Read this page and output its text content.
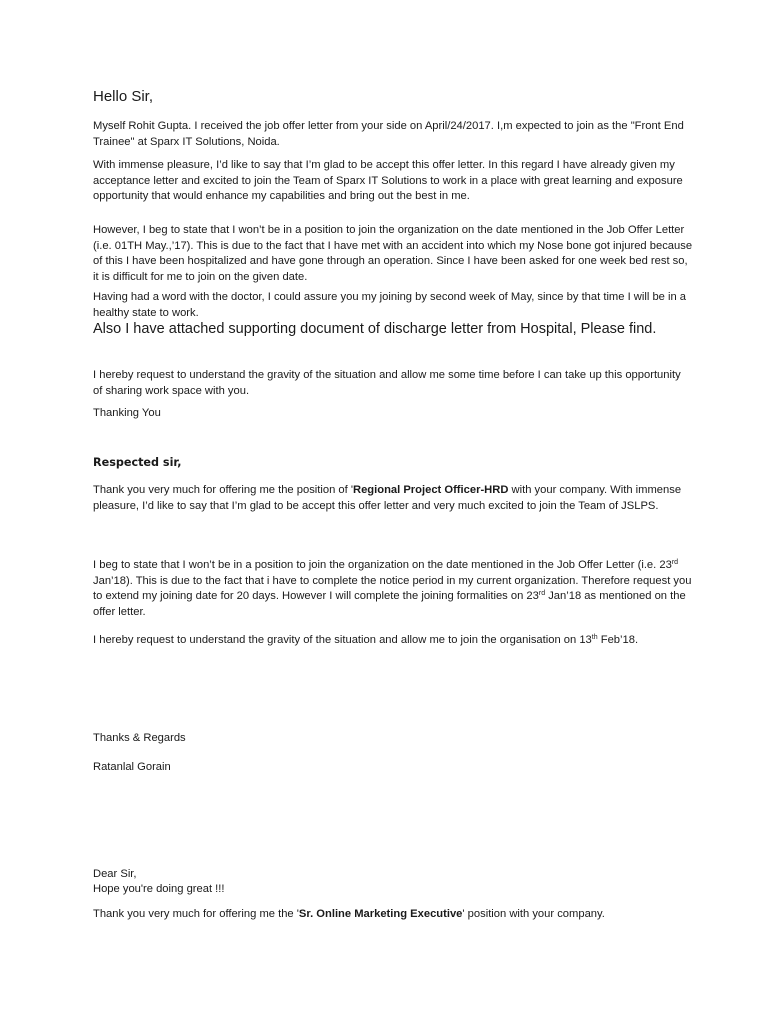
Hello Sir,

Myself Rohit Gupta. I received the job offer letter from your side on April/24/2017. I,m expected to join as the "Front End Trainee" at Sparx IT Solutions, Noida.

With immense pleasure, I’d like to say that I’m glad to be accept this offer letter. In this regard I have already given my acceptance letter and excited to join the Team of Sparx IT Solutions to work in a place with great learning and exposure opportunity that would enhance my capabilities and bring out the best in me.

However, I beg to state that I won’t be in a position to join the organization on the date mentioned in the Job Offer Letter (i.e. 01TH May.,’17). This is due to the fact that I have met with an accident into which my Nose bone got injured because of this I have been hospitalized and have gone through an operation. Since I have been asked for one week bed rest so, it is difficult for me to join on the given date.

Having had a word with the doctor, I could assure you my joining by second week of May, since by that time I will be in a healthy state to work.

Also I have attached supporting document of discharge letter from Hospital, Please find.

I hereby request to understand the gravity of the situation and allow me some time before I can take up this opportunity of sharing work space with you.

Thanking You

Respected sir,

Thank you very much for offering me the position of 'Regional Project Officer-HRD with your company. With immense pleasure, I’d like to say that I’m glad to be accept this offer letter and very much excited to join the Team of JSLPS.

I beg to state that I won’t be in a position to join the organization on the date mentioned in the Job Offer Letter (i.e. 23rd Jan’18). This is due to the fact that i have to complete the notice period in my current organization. Therefore request you to extend my joining date for 20 days. However I will complete the joining formalities on 23rd Jan’18 as mentioned on the offer letter.

I hereby request to understand the gravity of the situation and allow me to join the organisation on 13th Feb’18.

Thanks & Regards

Ratanlal Gorain

Dear Sir,

Hope you're doing great !!!

Thank you very much for offering me the 'Sr. Online Marketing Executive' position with your company.
